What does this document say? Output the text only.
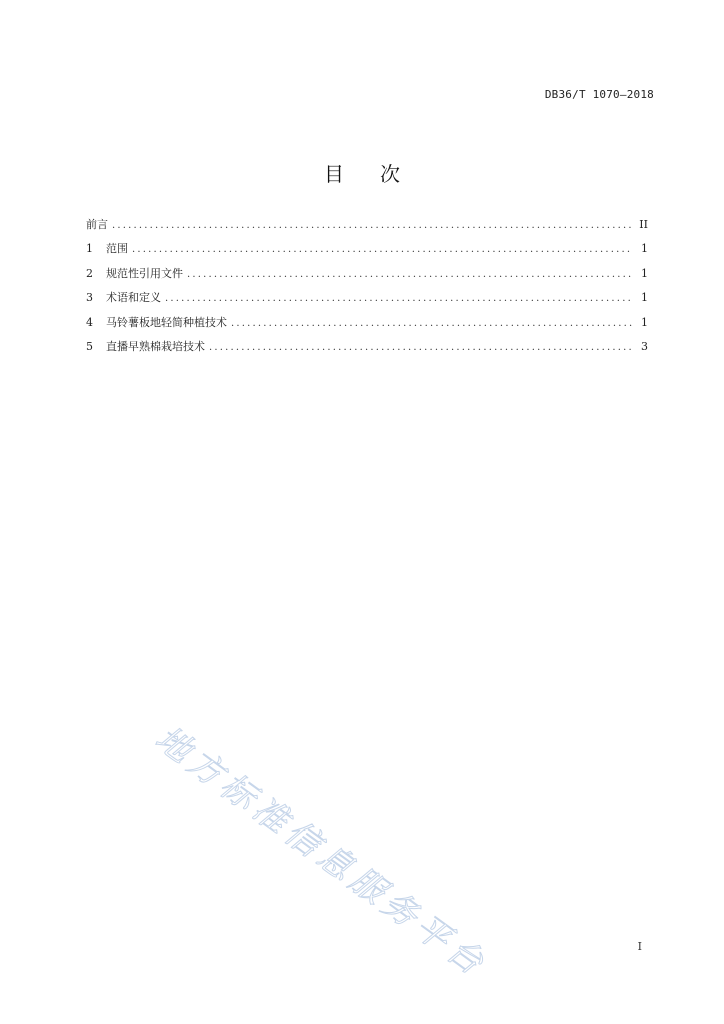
DB36/T 1070—2018
目 次
前言 .....	II
1	范围 .....	1
2	规范性引用文件 .....	1
3	术语和定义 .....	1
4	马铃薯板地轻简种植技术 .....	1
5	直播早熟棉栽培技术 .....	3
地方标准信息服务平台	I
